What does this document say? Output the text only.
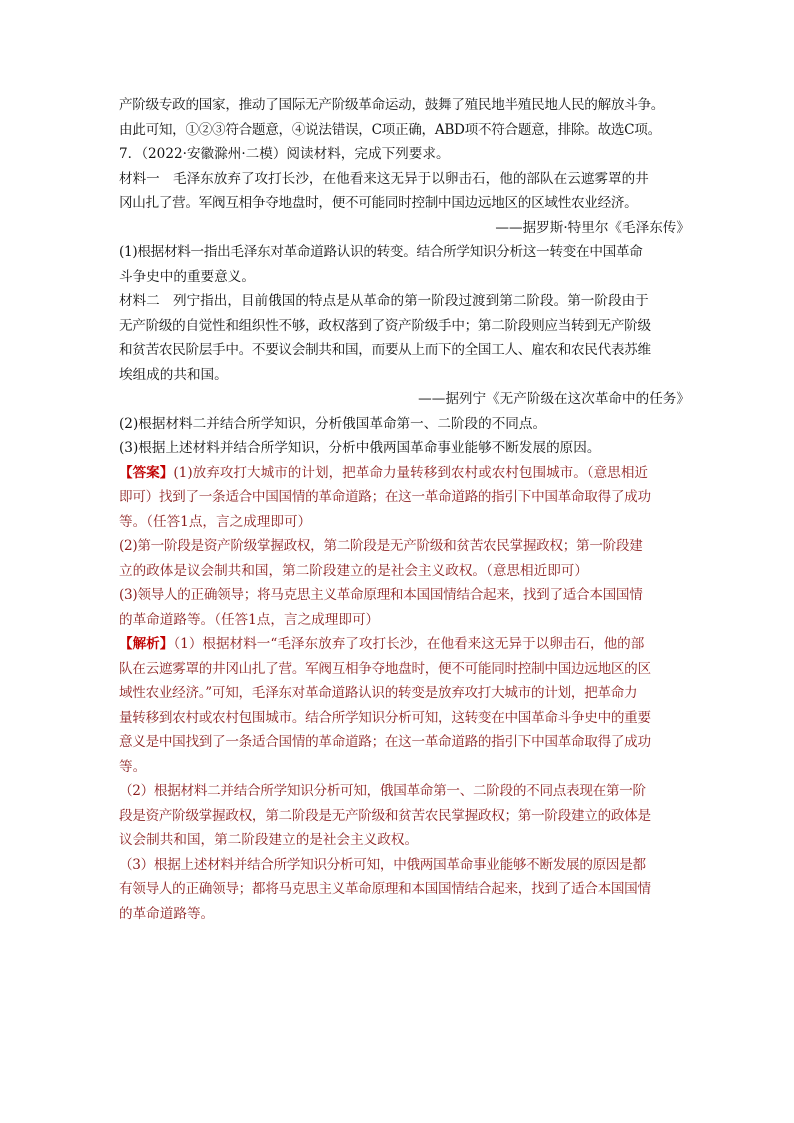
产阶级专政的国家，推动了国际无产阶级革命运动，鼓舞了殖民地半殖民地人民的解放斗争。
由此可知，①②③符合题意，④说法错误，C项正确，ABD项不符合题意，排除。故选C项。
7．（2022·安徽滁州·二模）阅读材料，完成下列要求。
材料一 毛泽东放弃了攻打长沙，在他看来这无异于以卵击石，他的部队在云遮雾罩的井
冈山扎了营。军阀互相争夺地盘时，便不可能同时控制中国边远地区的区域性农业经济。
——据罗斯·特里尔《毛泽东传》
(1)根据材料一指出毛泽东对革命道路认识的转变。结合所学知识分析这一转变在中国革命
斗争史中的重要意义。
材料二 列宁指出，目前俄国的特点是从革命的第一阶段过渡到第二阶段。第一阶段由于
无产阶级的自觉性和组织性不够，政权落到了资产阶级手中；第二阶段则应当转到无产阶级
和贫苦农民阶层手中。不要议会制共和国，而要从上而下的全国工人、雇农和农民代表苏维
埃组成的共和国。
——据列宁《无产阶级在这次革命中的任务》
(2)根据材料二并结合所学知识，分析俄国革命第一、二阶段的不同点。
(3)根据上述材料并结合所学知识，分析中俄两国革命事业能够不断发展的原因。
【答案】(1)放弃攻打大城市的计划，把革命力量转移到农村或农村包围城市。（意思相近
即可）找到了一条适合中国国情的革命道路；在这一革命道路的指引下中国革命取得了成功
等。（任答1点，言之成理即可）
(2)第一阶段是资产阶级掌握政权，第二阶段是无产阶级和贫苦农民掌握政权；第一阶段建
立的政体是议会制共和国，第二阶段建立的是社会主义政权。（意思相近即可）
(3)领导人的正确领导；将马克思主义革命原理和本国国情结合起来，找到了适合本国国情
的革命道路等。（任答1点，言之成理即可）
【解析】（1）根据材料一“毛泽东放弃了攻打长沙，在他看来这无异于以卵击石，他的部
队在云遮雾罩的井冈山扎了营。军阀互相争夺地盘时，便不可能同时控制中国边远地区的区
域性农业经济。”可知，毛泽东对革命道路认识的转变是放弃攻打大城市的计划，把革命力
量转移到农村或农村包围城市。结合所学知识分析可知，这转变在中国革命斗争史中的重要
意义是中国找到了一条适合国情的革命道路；在这一革命道路的指引下中国革命取得了成功
等。
（2）根据材料二并结合所学知识分析可知，俄国革命第一、二阶段的不同点表现在第一阶
段是资产阶级掌握政权，第二阶段是无产阶级和贫苦农民掌握政权；第一阶段建立的政体是
议会制共和国，第二阶段建立的是社会主义政权。
（3）根据上述材料并结合所学知识分析可知，中俄两国革命事业能够不断发展的原因是都
有领导人的正确领导；都将马克思主义革命原理和本国国情结合起来，找到了适合本国国情
的革命道路等。
